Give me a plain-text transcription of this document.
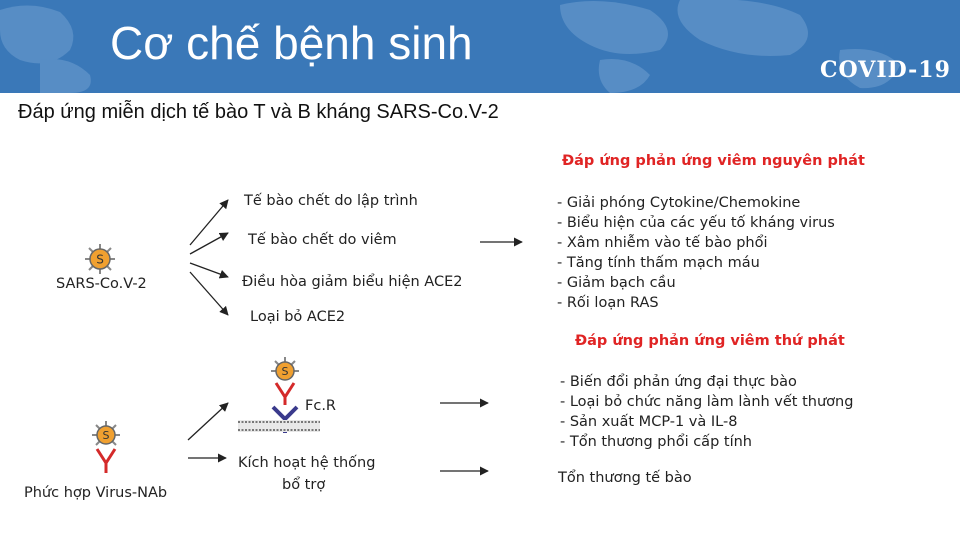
Cơ chế bệnh sinh
COVID-19
Đáp ứng miễn dịch tế bào T và B kháng SARS-Co.V-2
S
S
S
SARS-Co.V-2
Phức hợp Virus-NAb
Fc.R
Tế bào chết do lập trình
Tế bào chết do viêm
Điều hòa giảm biểu hiện ACE2
Loại bỏ ACE2
Kích hoạt hệ thống
bổ trợ
Đáp ứng phản ứng viêm nguyên phát
- Giải phóng Cytokine/Chemokine
- Biểu hiện của các yếu tố kháng virus
- Xâm nhiễm vào tế bào phổi
- Tăng tính thấm mạch máu
- Giảm bạch cầu
- Rối loạn RAS
Đáp ứng phản ứng viêm thứ phát
- Biến đổi phản ứng đại thực bào
- Loại bỏ chức năng làm lành vết thương
- Sản xuất MCP-1 và IL-8
- Tổn thương phổi cấp tính
Tổn thương tế bào
